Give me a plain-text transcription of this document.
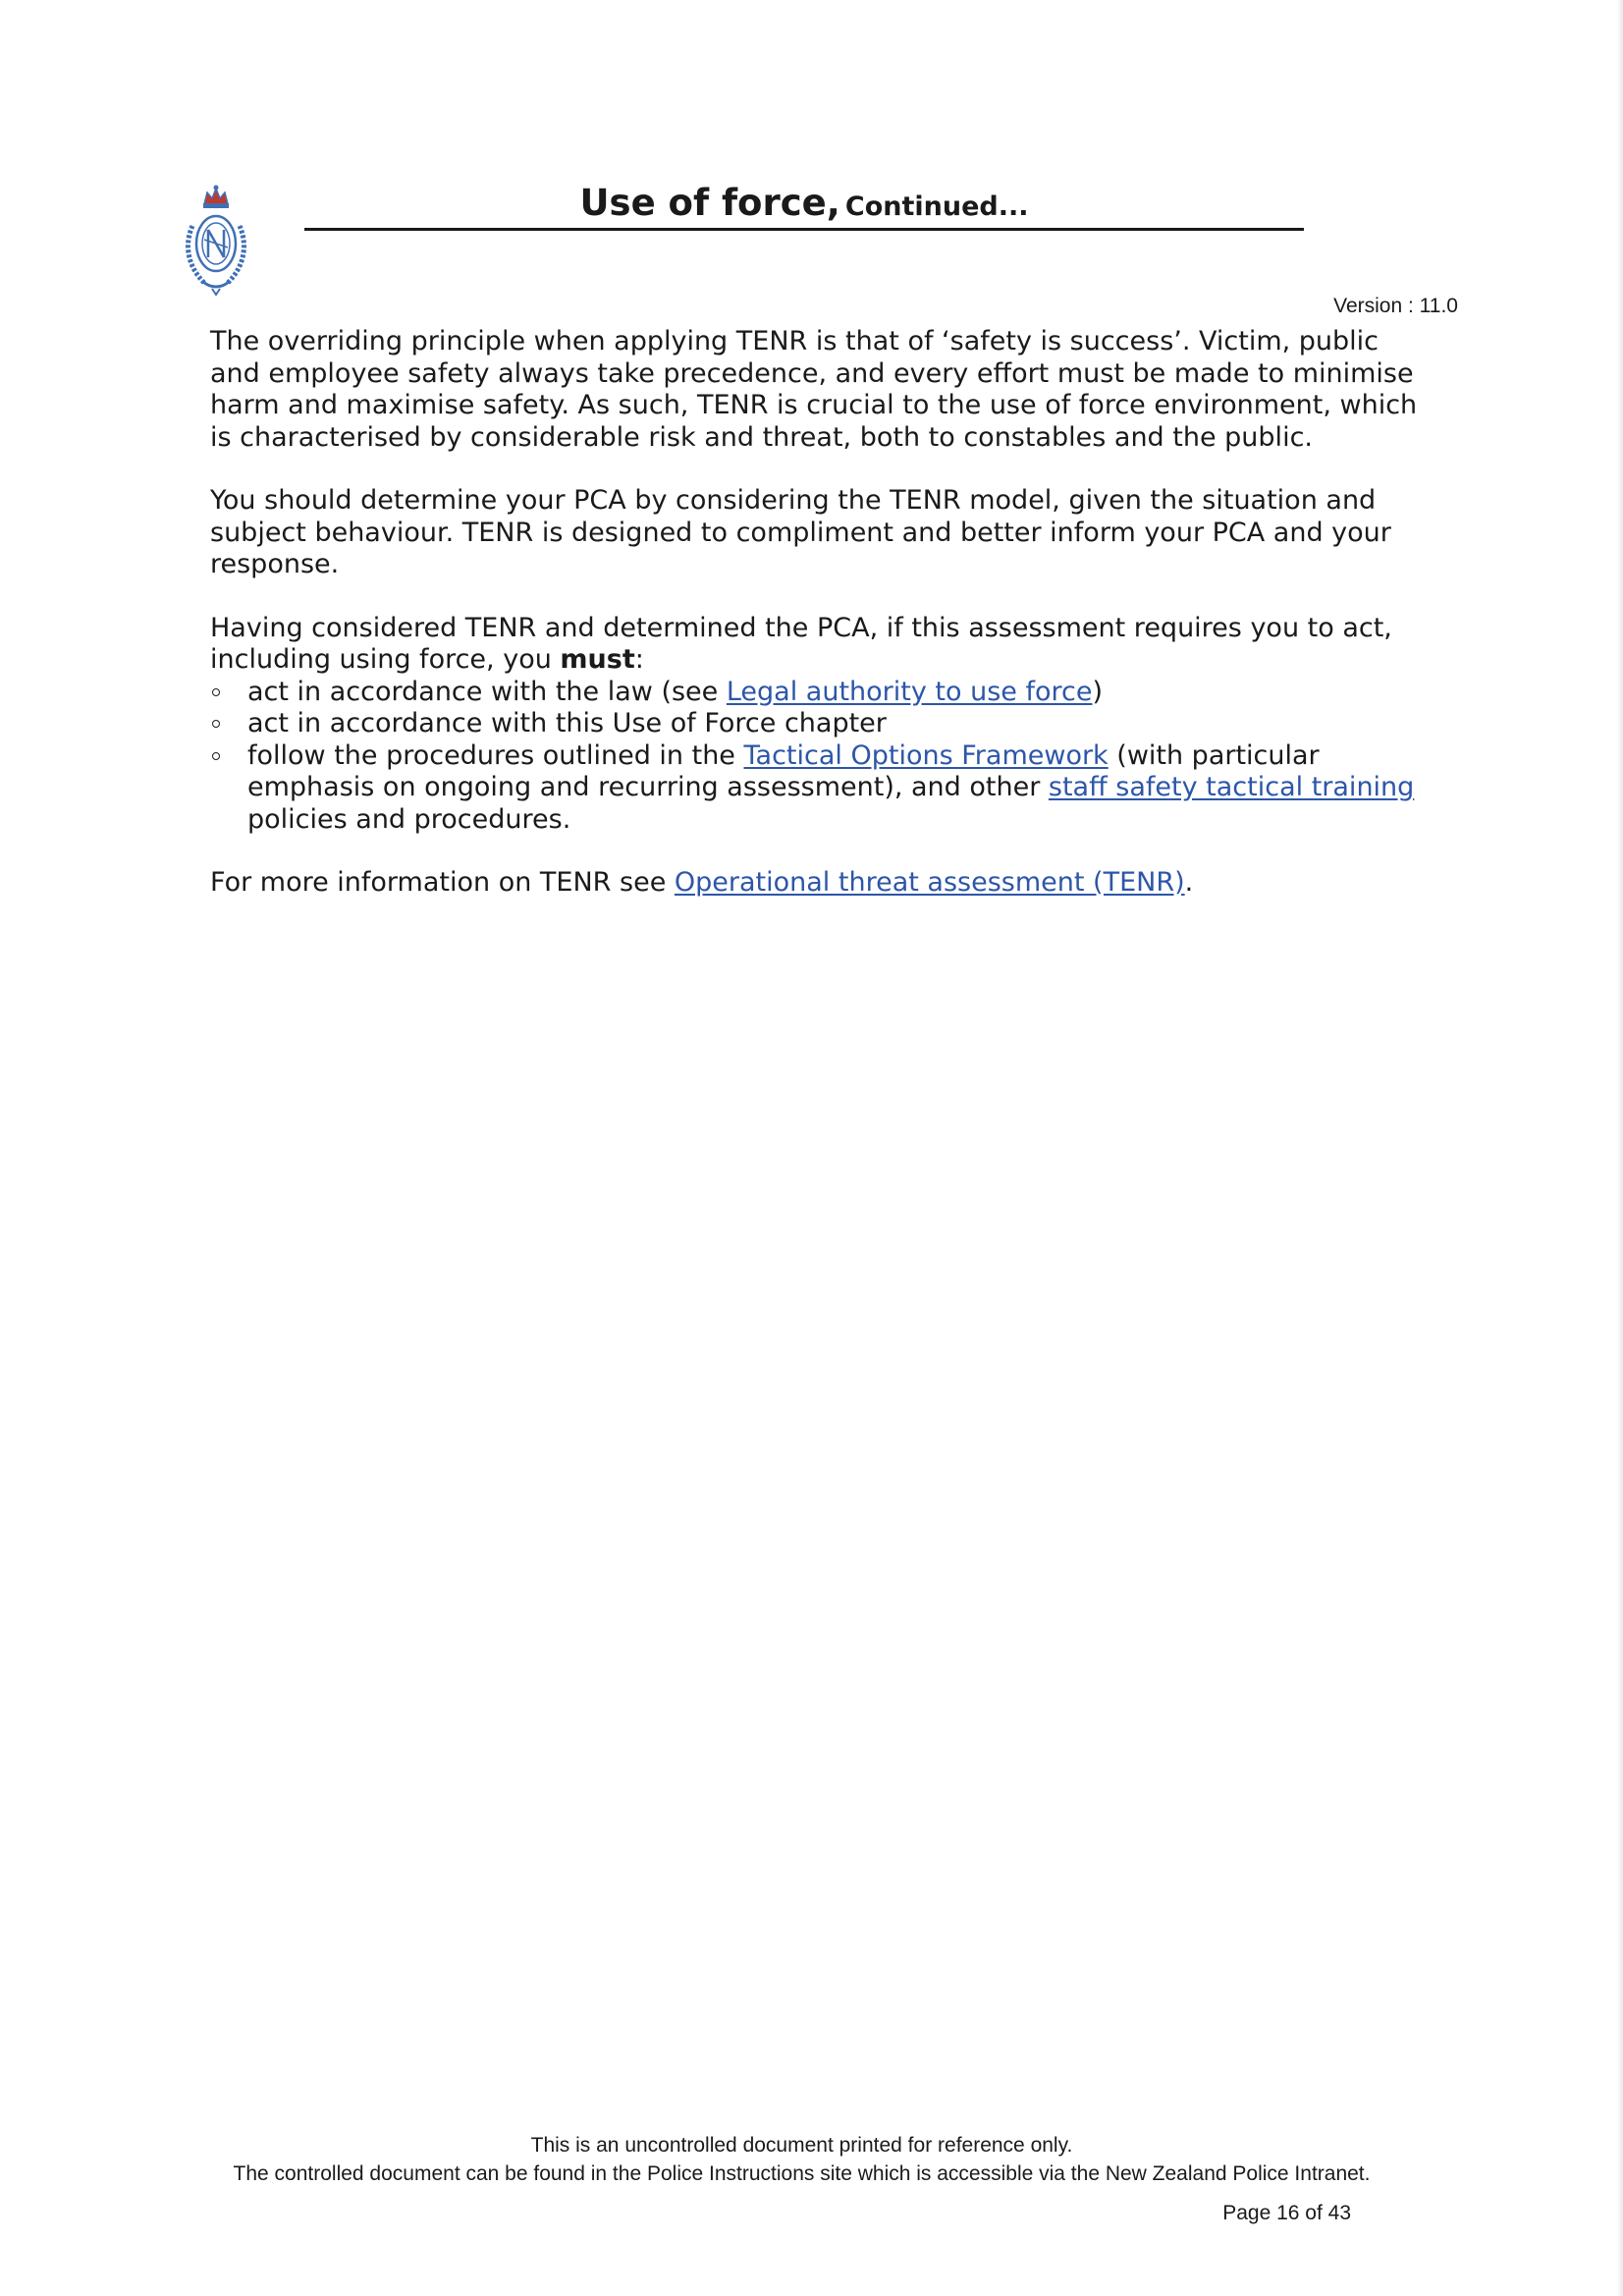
Use of force, Continued...
Version : 11.0

The overriding principle when applying TENR is that of ‘safety is success’. Victim, public and employee safety always take precedence, and every effort must be made to minimise harm and maximise safety. As such, TENR is crucial to the use of force environment, which is characterised by considerable risk and threat, both to constables and the public.

You should determine your PCA by considering the TENR model, given the situation and subject behaviour. TENR is designed to compliment and better inform your PCA and your response.

Having considered TENR and determined the PCA, if this assessment requires you to act, including using force, you must:
act in accordance with the law (see Legal authority to use force)
act in accordance with this Use of Force chapter
follow the procedures outlined in the Tactical Options Framework (with particular emphasis on ongoing and recurring assessment), and other staff safety tactical training policies and procedures.

For more information on TENR see Operational threat assessment (TENR).

This is an uncontrolled document printed for reference only.
The controlled document can be found in the Police Instructions site which is accessible via the New Zealand Police Intranet.
Page 16 of 43
